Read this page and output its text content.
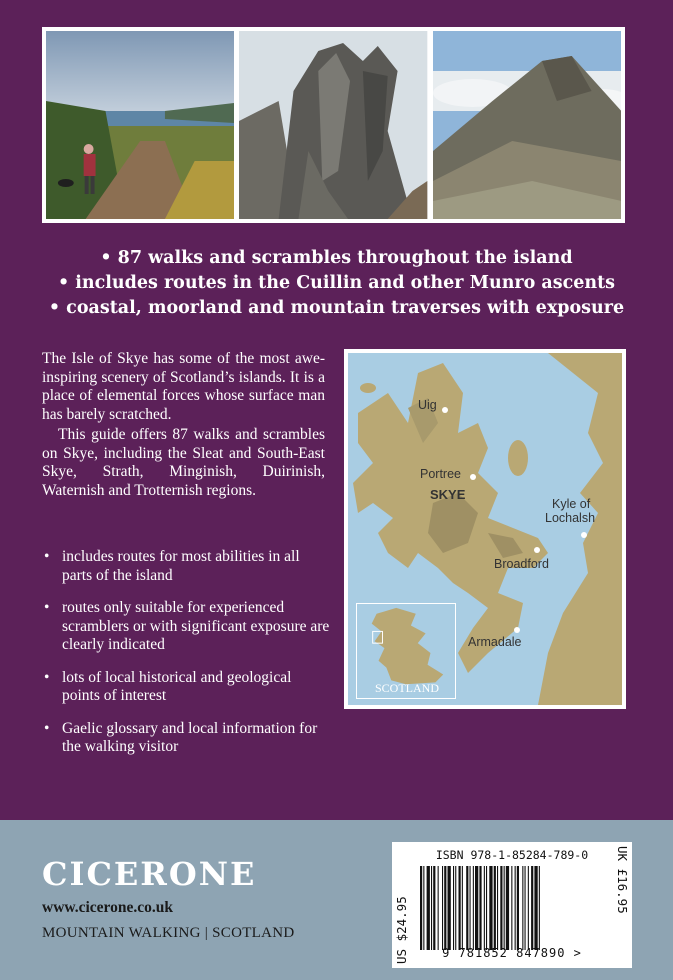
• 87 walks and scrambles throughout the island
• includes routes in the Cuillin and other Munro ascents
• coastal, moorland and mountain traverses with exposure

The Isle of Skye has some of the most awe-inspiring scenery of Scotland’s islands. It is a place of elemental forces whose surface man has barely scratched.

This guide offers 87 walks and scrambles on Skye, including the Sleat and South-East Skye, Strath, Minginish, Duirinish, Waternish and Trotternish regions.

• includes routes for most abilities in all parts of the island
• routes only suitable for experienced scramblers or with significant exposure are clearly indicated
• lots of local historical and geological points of interest
• Gaelic glossary and local information for the walking visitor
Uig
Portree
SKYE
Kyle of
Lochalsh
Broadford
Armadale
SCOTLAND
CICERONE
www.cicerone.co.uk
MOUNTAIN WALKING | SCOTLAND	US $24.95
ISBN 978-1-85284-789-0
9 781852 847890 >
UK £16.95
